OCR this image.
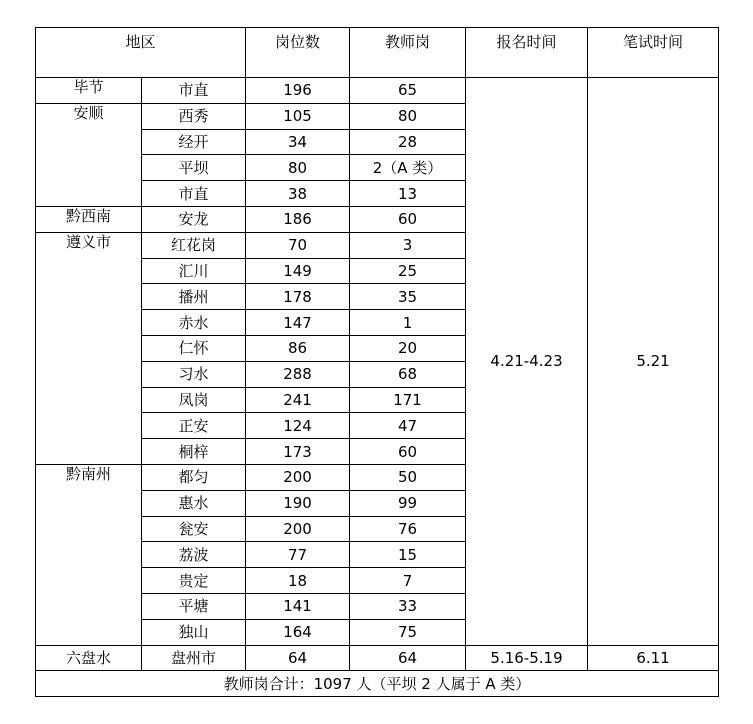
地区		岗位数	教师岗	报名时间	笔试时间
毕节	市直	196	65	4.21-4.23	5.21
安顺	西秀	105	80		
	经开	34	28		
	平坝	80	2（A 类）		
	市直	38	13		
黔西南	安龙	186	60		
遵义市	红花岗	70	3		
	汇川	149	25		
	播州	178	35		
	赤水	147	1		
	仁怀	86	20		
	习水	288	68		
	凤岗	241	171		
	正安	124	47		
	桐梓	173	60		
黔南州	都匀	200	50		
	惠水	190	99		
	瓮安	200	76		
	荔波	77	15		
	贵定	18	7		
	平塘	141	33		
	独山	164	75		
六盘水	盘州市	64	64	5.16-5.19	6.11
教师岗合计：1097 人（平坝 2 人属于 A 类）					
